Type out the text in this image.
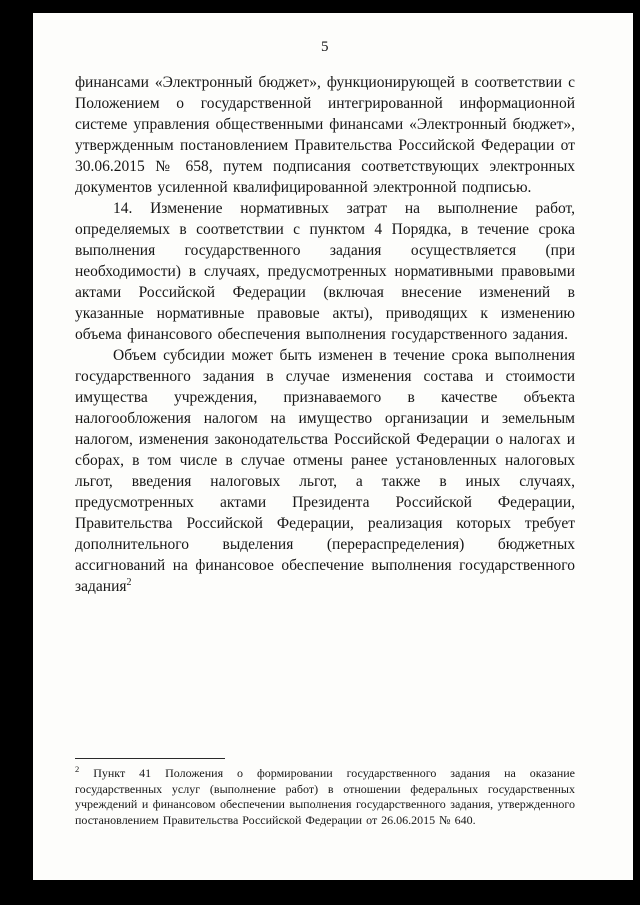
5

финансами «Электронный бюджет», функционирующей в соответствии с Положением о государственной интегрированной информационной системе управления общественными финансами «Электронный бюджет», утвержденным постановлением Правительства Российской Федерации от 30.06.2015 № 658, путем подписания соответствующих электронных документов усиленной квалифицированной электронной подписью.

14. Изменение нормативных затрат на выполнение работ, определяемых в соответствии с пунктом 4 Порядка, в течение срока выполнения государственного задания осуществляется (при необходимости) в случаях, предусмотренных нормативными правовыми актами Российской Федерации (включая внесение изменений в указанные нормативные правовые акты), приводящих к изменению объема финансового обеспечения выполнения государственного задания.

Объем субсидии может быть изменен в течение срока выполнения государственного задания в случае изменения состава и стоимости имущества учреждения, признаваемого в качестве объекта налогообложения налогом на имущество организации и земельным налогом, изменения законодательства Российской Федерации о налогах и сборах, в том числе в случае отмены ранее установленных налоговых льгот, введения налоговых льгот, а также в иных случаях, предусмотренных актами Президента Российской Федерации, Правительства Российской Федерации, реализация которых требует дополнительного выделения (перераспределения) бюджетных ассигнований на финансовое обеспечение выполнения государственного задания$^2$

$^2$ Пункт 41 Положения о формировании государственного задания на оказание государственных услуг (выполнение работ) в отношении федеральных государственных учреждений и финансовом обеспечении выполнения государственного задания, утвержденного постановлением Правительства Российской Федерации от 26.06.2015 № 640.
